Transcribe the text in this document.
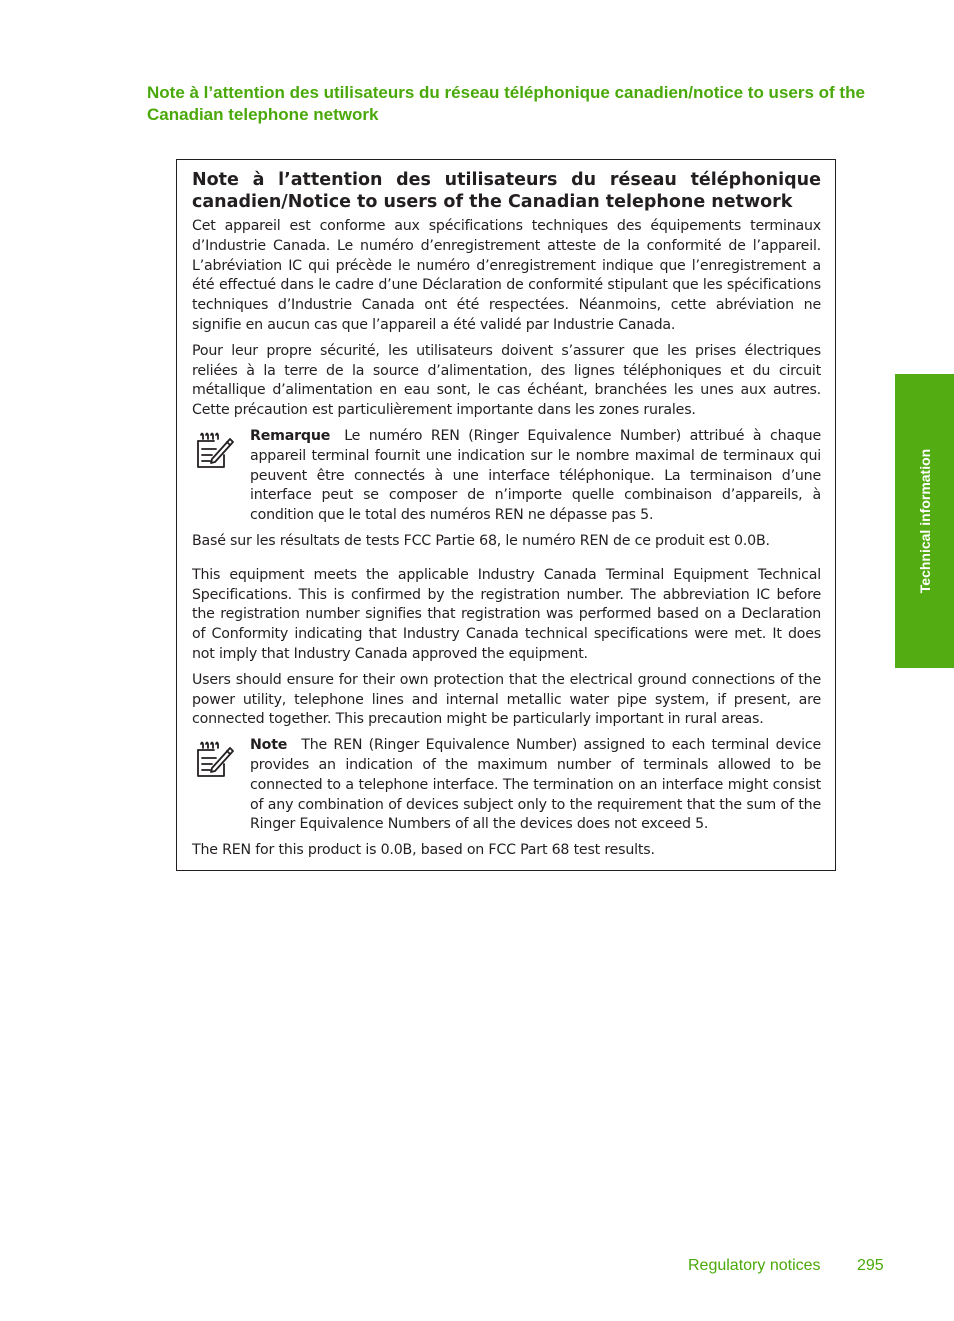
Note à l’attention des utilisateurs du réseau téléphonique canadien/notice to users of the Canadian telephone network
Technical information
Note à l’attention des utilisateurs du réseau téléphonique canadien/Notice to users of the Canadian telephone network

Cet appareil est conforme aux spécifications techniques des équipements terminaux d’Industrie Canada. Le numéro d’enregistrement atteste de la conformité de l’appareil. L’abréviation IC qui précède le numéro d’enregistrement indique que l’enregistrement a été effectué dans le cadre d’une Déclaration de conformité stipulant que les spécifications techniques d’Industrie Canada ont été respectées. Néanmoins, cette abréviation ne signifie en aucun cas que l’appareil a été validé par Industrie Canada.

Pour leur propre sécurité, les utilisateurs doivent s’assurer que les prises électriques reliées à la terre de la source d’alimentation, des lignes téléphoniques et du circuit métallique d’alimentation en eau sont, le cas échéant, branchées les unes aux autres. Cette précaution est particulièrement importante dans les zones rurales.

Remarque Le numéro REN (Ringer Equivalence Number) attribué à chaque appareil terminal fournit une indication sur le nombre maximal de terminaux qui peuvent être connectés à une interface téléphonique. La terminaison d’une interface peut se composer de n’importe quelle combinaison d’appareils, à condition que le total des numéros REN ne dépasse pas 5.

Basé sur les résultats de tests FCC Partie 68, le numéro REN de ce produit est 0.0B.

This equipment meets the applicable Industry Canada Terminal Equipment Technical Specifications. This is confirmed by the registration number. The abbreviation IC before the registration number signifies that registration was performed based on a Declaration of Conformity indicating that Industry Canada technical specifications were met. It does not imply that Industry Canada approved the equipment.

Users should ensure for their own protection that the electrical ground connections of the power utility, telephone lines and internal metallic water pipe system, if present, are connected together. This precaution might be particularly important in rural areas.

Note The REN (Ringer Equivalence Number) assigned to each terminal device provides an indication of the maximum number of terminals allowed to be connected to a telephone interface. The termination on an interface might consist of any combination of devices subject only to the requirement that the sum of the Ringer Equivalence Numbers of all the devices does not exceed 5.

The REN for this product is 0.0B, based on FCC Part 68 test results.

Regulatory notices 295
